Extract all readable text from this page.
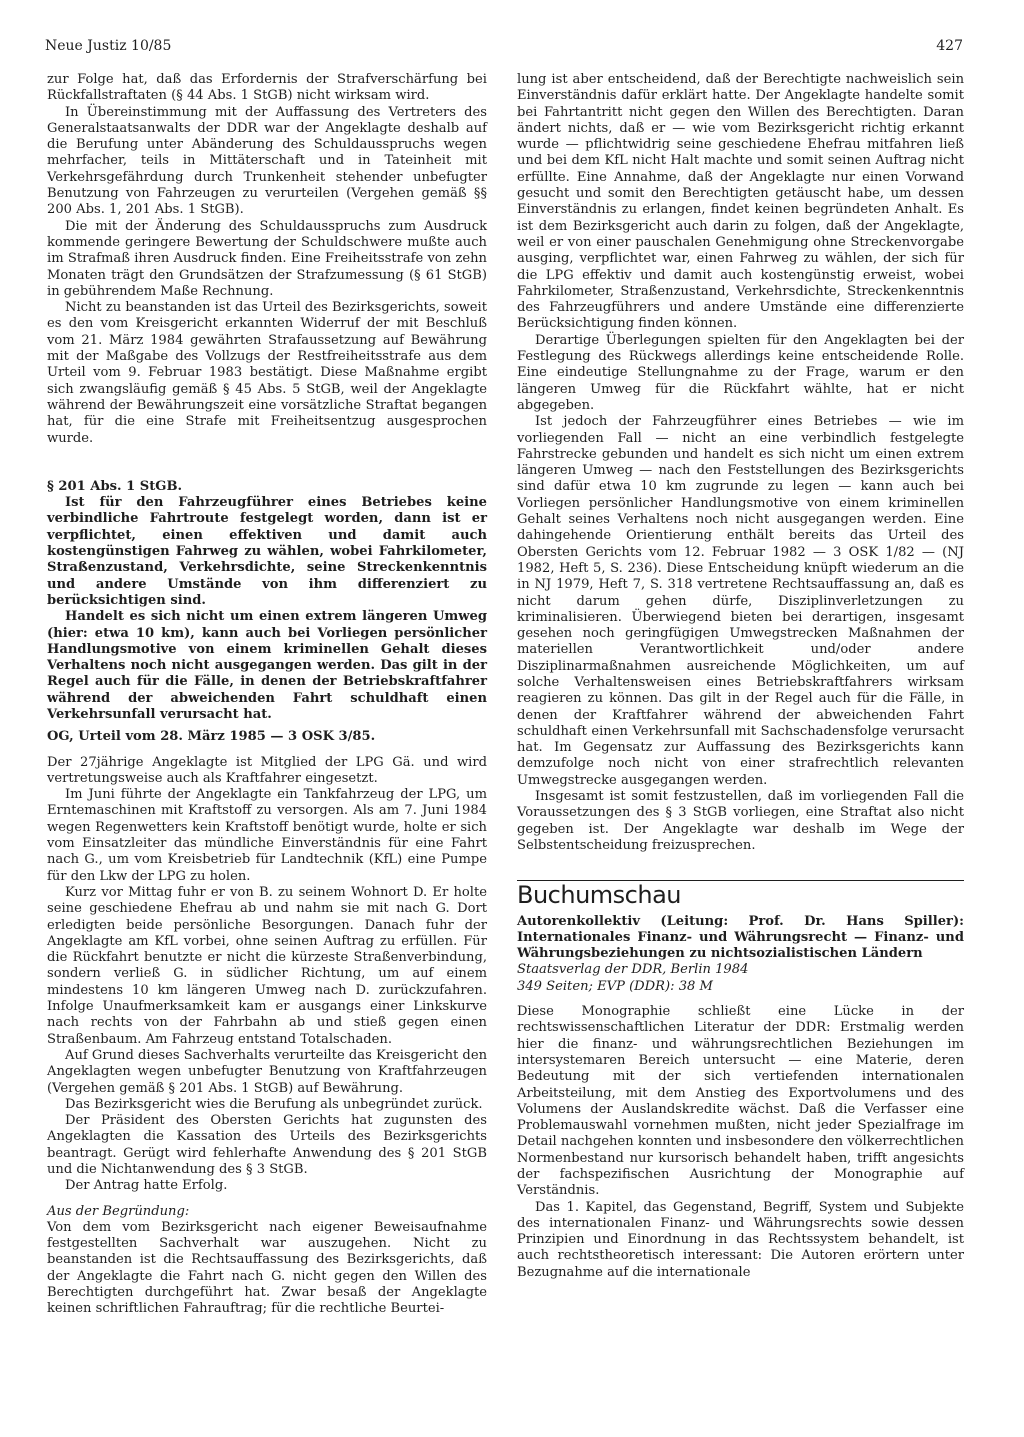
Neue Justiz 10/85	427

zur Folge hat, daß das Erfordernis der Strafverschärfung bei Rückfallstraftaten (§ 44 Abs. 1 StGB) nicht wirksam wird.

In Übereinstimmung mit der Auffassung des Vertreters des Generalstaatsanwalts der DDR war der Angeklagte deshalb auf die Berufung unter Abänderung des Schuldausspruchs wegen mehrfacher, teils in Mittäterschaft und in Tateinheit mit Verkehrsgefährdung durch Trunkenheit stehender unbefugter Benutzung von Fahrzeugen zu verurteilen (Vergehen gemäß §§ 200 Abs. 1, 201 Abs. 1 StGB).

Die mit der Änderung des Schuldausspruchs zum Ausdruck kommende geringere Bewertung der Schuldschwere mußte auch im Strafmaß ihren Ausdruck finden. Eine Freiheitsstrafe von zehn Monaten trägt den Grundsätzen der Strafzumessung (§ 61 StGB) in gebührendem Maße Rechnung.

Nicht zu beanstanden ist das Urteil des Bezirksgerichts, soweit es den vom Kreisgericht erkannten Widerruf der mit Beschluß vom 21. März 1984 gewährten Strafaussetzung auf Bewährung mit der Maßgabe des Vollzugs der Restfreiheitsstrafe aus dem Urteil vom 9. Februar 1983 bestätigt. Diese Maßnahme ergibt sich zwangsläufig gemäß § 45 Abs. 5 StGB, weil der Angeklagte während der Bewährungszeit eine vorsätzliche Straftat begangen hat, für die eine Strafe mit Freiheitsentzug ausgesprochen wurde.

§ 201 Abs. 1 StGB.

Ist für den Fahrzeugführer eines Betriebes keine verbindliche Fahrtroute festgelegt worden, dann ist er verpflichtet, einen effektiven und damit auch kostengünstigen Fahrweg zu wählen, wobei Fahrkilometer, Straßenzustand, Verkehrsdichte, seine Streckenkenntnis und andere Umstände von ihm differenziert zu berücksichtigen sind.

Handelt es sich nicht um einen extrem längeren Umweg (hier: etwa 10 km), kann auch bei Vorliegen persönlicher Handlungsmotive von einem kriminellen Gehalt dieses Verhaltens noch nicht ausgegangen werden. Das gilt in der Regel auch für die Fälle, in denen der Betriebskraftfahrer während der abweichenden Fahrt schuldhaft einen Verkehrsunfall verursacht hat.

OG, Urteil vom 28. März 1985 — 3 OSK 3/85.

Der 27jährige Angeklagte ist Mitglied der LPG Gä. und wird vertretungsweise auch als Kraftfahrer eingesetzt.

Im Juni führte der Angeklagte ein Tankfahrzeug der LPG, um Erntemaschinen mit Kraftstoff zu versorgen. Als am 7. Juni 1984 wegen Regenwetters kein Kraftstoff benötigt wurde, holte er sich vom Einsatzleiter das mündliche Einverständnis für eine Fahrt nach G., um vom Kreisbetrieb für Landtechnik (KfL) eine Pumpe für den Lkw der LPG zu holen.

Kurz vor Mittag fuhr er von B. zu seinem Wohnort D. Er holte seine geschiedene Ehefrau ab und nahm sie mit nach G. Dort erledigten beide persönliche Besorgungen. Danach fuhr der Angeklagte am KfL vorbei, ohne seinen Auftrag zu erfüllen. Für die Rückfahrt benutzte er nicht die kürzeste Straßenverbindung, sondern verließ G. in südlicher Richtung, um auf einem mindestens 10 km längeren Umweg nach D. zurückzufahren. Infolge Unaufmerksamkeit kam er ausgangs einer Linkskurve nach rechts von der Fahrbahn ab und stieß gegen einen Straßenbaum. Am Fahrzeug entstand Totalschaden.

Auf Grund dieses Sachverhalts verurteilte das Kreisgericht den Angeklagten wegen unbefugter Benutzung von Kraftfahrzeugen (Vergehen gemäß § 201 Abs. 1 StGB) auf Bewährung.

Das Bezirksgericht wies die Berufung als unbegründet zurück.

Der Präsident des Obersten Gerichts hat zugunsten des Angeklagten die Kassation des Urteils des Bezirksgerichts beantragt. Gerügt wird fehlerhafte Anwendung des § 201 StGB und die Nichtanwendung des § 3 StGB.

Der Antrag hatte Erfolg.

Aus der Begründung:

Von dem vom Bezirksgericht nach eigener Beweisaufnahme festgestellten Sachverhalt war auszugehen. Nicht zu beanstanden ist die Rechtsauffassung des Bezirksgerichts, daß der Angeklagte die Fahrt nach G. nicht gegen den Willen des Berechtigten durchgeführt hat. Zwar besaß der Angeklagte keinen schriftlichen Fahrauftrag; für die rechtliche Beurtei-

lung ist aber entscheidend, daß der Berechtigte nachweislich sein Einverständnis dafür erklärt hatte. Der Angeklagte handelte somit bei Fahrtantritt nicht gegen den Willen des Berechtigten. Daran ändert nichts, daß er — wie vom Bezirksgericht richtig erkannt wurde — pflichtwidrig seine geschiedene Ehefrau mitfahren ließ und bei dem KfL nicht Halt machte und somit seinen Auftrag nicht erfüllte. Eine Annahme, daß der Angeklagte nur einen Vorwand gesucht und somit den Berechtigten getäuscht habe, um dessen Einverständnis zu erlangen, findet keinen begründeten Anhalt. Es ist dem Bezirksgericht auch darin zu folgen, daß der Angeklagte, weil er von einer pauschalen Genehmigung ohne Streckenvorgabe ausging, verpflichtet war, einen Fahrweg zu wählen, der sich für die LPG effektiv und damit auch kostengünstig erweist, wobei Fahrkilometer, Straßenzustand, Verkehrsdichte, Streckenkenntnis des Fahrzeugführers und andere Umstände eine differenzierte Berücksichtigung finden können.

Derartige Überlegungen spielten für den Angeklagten bei der Festlegung des Rückwegs allerdings keine entscheidende Rolle. Eine eindeutige Stellungnahme zu der Frage, warum er den längeren Umweg für die Rückfahrt wählte, hat er nicht abgegeben.

Ist jedoch der Fahrzeugführer eines Betriebes — wie im vorliegenden Fall — nicht an eine verbindlich festgelegte Fahrstrecke gebunden und handelt es sich nicht um einen extrem längeren Umweg — nach den Feststellungen des Bezirksgerichts sind dafür etwa 10 km zugrunde zu legen — kann auch bei Vorliegen persönlicher Handlungsmotive von einem kriminellen Gehalt seines Verhaltens noch nicht ausgegangen werden. Eine dahingehende Orientierung enthält bereits das Urteil des Obersten Gerichts vom 12. Februar 1982 — 3 OSK 1/82 — (NJ 1982, Heft 5, S. 236). Diese Entscheidung knüpft wiederum an die in NJ 1979, Heft 7, S. 318 vertretene Rechtsauffassung an, daß es nicht darum gehen dürfe, Disziplinverletzungen zu kriminalisieren. Überwiegend bieten bei derartigen, insgesamt gesehen noch geringfügigen Umwegstrecken Maßnahmen der materiellen Verantwortlichkeit und/oder andere Disziplinarmaßnahmen ausreichende Möglichkeiten, um auf solche Verhaltensweisen eines Betriebskraftfahrers wirksam reagieren zu können. Das gilt in der Regel auch für die Fälle, in denen der Kraftfahrer während der abweichenden Fahrt schuldhaft einen Verkehrsunfall mit Sachschadensfolge verursacht hat. Im Gegensatz zur Auffassung des Bezirksgerichts kann demzufolge noch nicht von einer strafrechtlich relevanten Umwegstrecke ausgegangen werden.

Insgesamt ist somit festzustellen, daß im vorliegenden Fall die Voraussetzungen des § 3 StGB vorliegen, eine Straftat also nicht gegeben ist. Der Angeklagte war deshalb im Wege der Selbstentscheidung freizusprechen.

Buchumschau

Autorenkollektiv (Leitung: Prof. Dr. Hans Spiller): Internationales Finanz- und Währungsrecht — Finanz- und Währungsbeziehungen zu nichtsozialistischen Ländern

Staatsverlag der DDR, Berlin 1984

349 Seiten; EVP (DDR): 38 M

Diese Monographie schließt eine Lücke in der rechtswissenschaftlichen Literatur der DDR: Erstmalig werden hier die finanz- und währungsrechtlichen Beziehungen im intersystemaren Bereich untersucht — eine Materie, deren Bedeutung mit der sich vertiefenden internationalen Arbeitsteilung, mit dem Anstieg des Exportvolumens und des Volumens der Auslandskredite wächst. Daß die Verfasser eine Problemauswahl vornehmen mußten, nicht jeder Spezialfrage im Detail nachgehen konnten und insbesondere den völkerrechtlichen Normenbestand nur kursorisch behandelt haben, trifft angesichts der fachspezifischen Ausrichtung der Monographie auf Verständnis.

Das 1. Kapitel, das Gegenstand, Begriff, System und Subjekte des internationalen Finanz- und Währungsrechts sowie dessen Prinzipien und Einordnung in das Rechtssystem behandelt, ist auch rechtstheoretisch interessant: Die Autoren erörtern unter Bezugnahme auf die internationale
